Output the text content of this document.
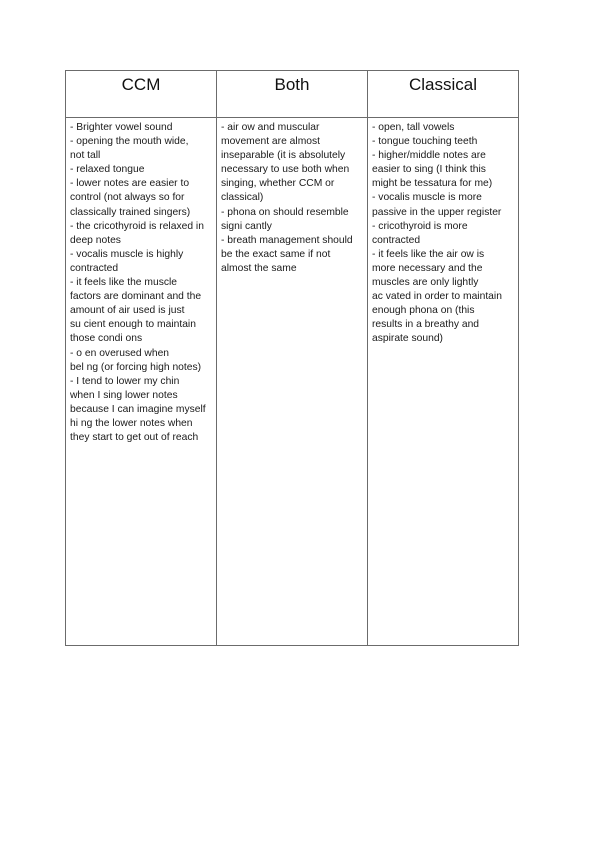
CCM	Both	Classical
- Brighter vowel sound
- opening the mouth wide,
not tall
- relaxed tongue
- lower notes are easier to
control (not always so for
classically trained singers)
- the cricothyroid is relaxed in
deep notes
- vocalis muscle is highly
contracted
- it feels like the muscle
factors are dominant and the
amount of air used is just
su cient enough to maintain
those condi ons
- o en overused when
bel ng (or forcing high notes)
- I tend to lower my chin
when I sing lower notes
because I can imagine myself
hi ng the lower notes when
they start to get out of reach
- air ow and muscular
movement are almost
inseparable (it is absolutely
necessary to use both when
singing, whether CCM or
classical)
- phona on should resemble
signi cantly
- breath management should
be the exact same if not
almost the same
- open, tall vowels
- tongue touching teeth
- higher/middle notes are
easier to sing (I think this
might be tessatura for me)
- vocalis muscle is more
passive in the upper register
- cricothyroid is more
contracted
- it feels like the air ow is
more necessary and the
muscles are only lightly
ac vated in order to maintain
enough phona on (this
results in a breathy and
aspirate sound)
